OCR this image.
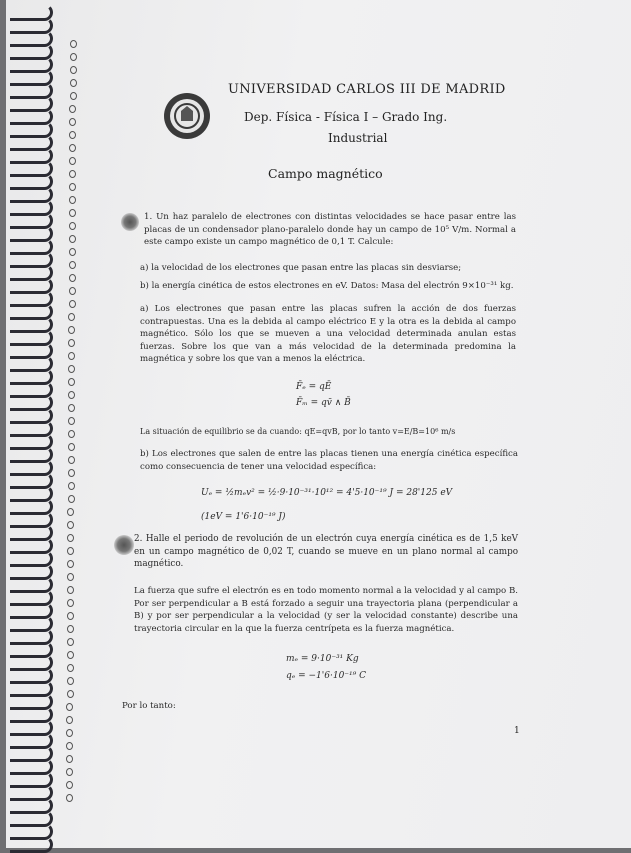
UNIVERSIDAD CARLOS III DE MADRID
Dep. Física - Física I – Grado Ing.
Industrial
Campo magnético
1. Un haz paralelo de electrones con distintas velocidades se hace pasar entre las placas de un condensador plano-paralelo donde hay un campo de 10⁵ V/m. Normal a este campo existe un campo magnético de 0,1 T. Calcule:
a) la velocidad de los electrones que pasan entre las placas sin desviarse;
b) la energía cinética de estos electrones en eV. Datos: Masa del electrón 9×10⁻³¹ kg.
a) Los electrones que pasan entre las placas sufren la acción de dos fuerzas contrapuestas. Una es la debida al campo eléctrico E y la otra es la debida al campo magnético. Sólo los que se mueven a una velocidad determinada anulan estas fuerzas. Sobre los que van a más velocidad de la determinada predomina la magnética y sobre los que van a menos la eléctrica.
F̄ₑ = qĒ
F̄ₘ = qv̄ ∧ B̄
La situación de equilibrio se da cuando: qE=qvB, por lo tanto v=E/B=10⁶ m/s
b) Los electrones que salen de entre las placas tienen una energía cinética específica como consecuencia de tener una velocidad específica:
Uₑ = ½mₑv² = ½·9·10⁻³¹·10¹² = 4'5·10⁻¹⁹ J = 28'125 eV
(1eV = 1'6·10⁻¹⁹ J)
2. Halle el periodo de revolución de un electrón cuya energía cinética es de 1,5 keV en un campo magnético de 0,02 T, cuando se mueve en un plano normal al campo magnético.
La fuerza que sufre el electrón es en todo momento normal a la velocidad y al campo B. Por ser perpendicular a B está forzado a seguir una trayectoria plana (perpendicular a B) y por ser perpendicular a la velocidad (y ser la velocidad constante) describe una trayectoria circular en la que la fuerza centrípeta es la fuerza magnética.
mₑ = 9·10⁻³¹ Kg
qₑ = −1'6·10⁻¹⁹ C
Por lo tanto:
1
